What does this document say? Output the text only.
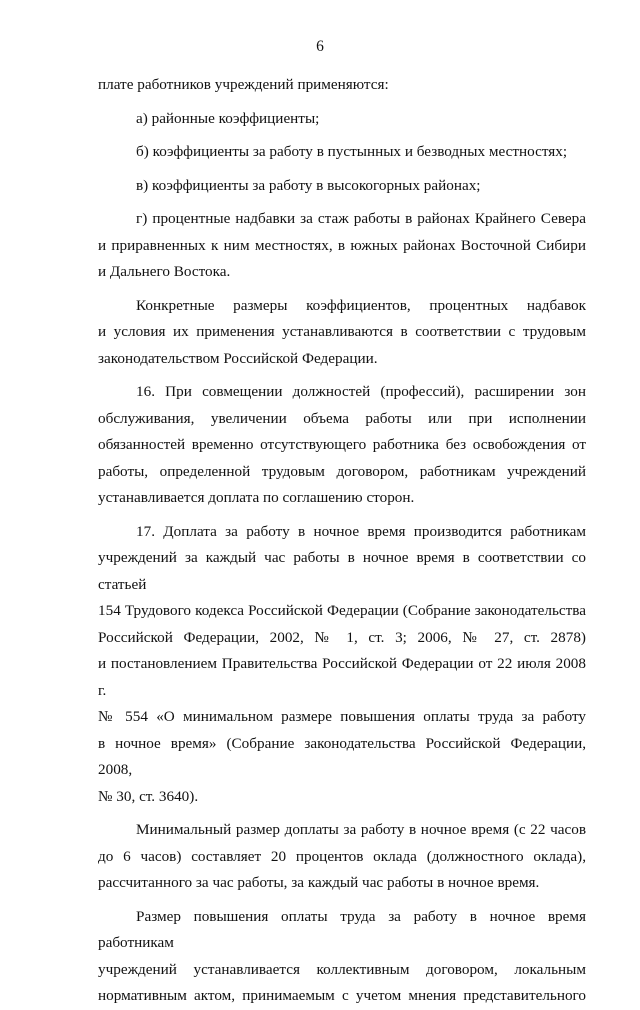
6

плате работников учреждений применяются:

а) районные коэффициенты;

б) коэффициенты за работу в пустынных и безводных местностях;

в) коэффициенты за работу в высокогорных районах;

г) процентные надбавки за стаж работы в районах Крайнего Севера

и приравненных к ним местностях, в южных районах Восточной Сибири

и Дальнего Востока.

Конкретные размеры коэффициентов, процентных надбавок

и условия их применения устанавливаются в соответствии с трудовым

законодательством Российской Федерации.

16. При совмещении должностей (профессий), расширении зон

обслуживания, увеличении объема работы или при исполнении

обязанностей временно отсутствующего работника без освобождения от

работы, определенной трудовым договором, работникам учреждений

устанавливается доплата по соглашению сторон.

17. Доплата за работу в ночное время производится работникам

учреждений за каждый час работы в ночное время в соответствии со статьей

154 Трудового кодекса Российской Федерации (Собрание законодательства

Российской Федерации, 2002, № 1, ст. 3; 2006, № 27, ст. 2878)

и постановлением Правительства Российской Федерации от 22 июля 2008 г.

№ 554 «О минимальном размере повышения оплаты труда за работу

в ночное время» (Собрание законодательства Российской Федерации, 2008,

№ 30, ст. 3640).

Минимальный размер доплаты за работу в ночное время (с 22 часов

до 6 часов) составляет 20 процентов оклада (должностного оклада),

рассчитанного за час работы, за каждый час работы в ночное время.

Размер повышения оплаты труда за работу в ночное время работникам

учреждений устанавливается коллективным договором, локальным

нормативным актом, принимаемым с учетом мнения представительного
